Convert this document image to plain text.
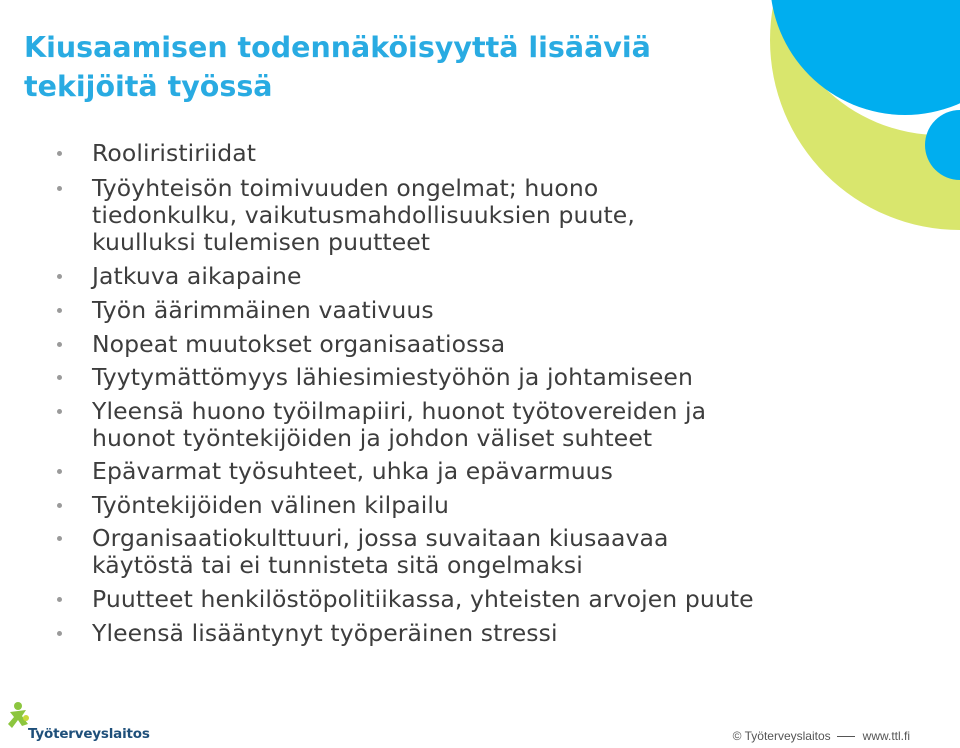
Kiusaamisen todennäköisyyttä lisääviä
tekijöitä työssä
Rooliristiriidat
Työyhteisön toimivuuden ongelmat; huono
tiedonkulku, vaikutusmahdollisuuksien puute,
kuulluksi tulemisen puutteet
Jatkuva aikapaine
Työn äärimmäinen vaativuus
Nopeat muutokset organisaatiossa
Tyytymättömyys lähiesimiestyöhön ja johtamiseen
Yleensä huono työilmapiiri, huonot työtovereiden ja
huonot työntekijöiden ja johdon väliset suhteet
Epävarmat työsuhteet, uhka ja epävarmuus
Työntekijöiden välinen kilpailu
Organisaatiokulttuuri, jossa suvaitaan kiusaavaa
käytöstä tai ei tunnisteta sitä ongelmaksi
Puutteet henkilöstöpolitiikassa, yhteisten arvojen puute
Yleensä lisääntynyt työperäinen stressi
Työterveyslaitos	© Työterveyslaitos	www.ttl.fi
